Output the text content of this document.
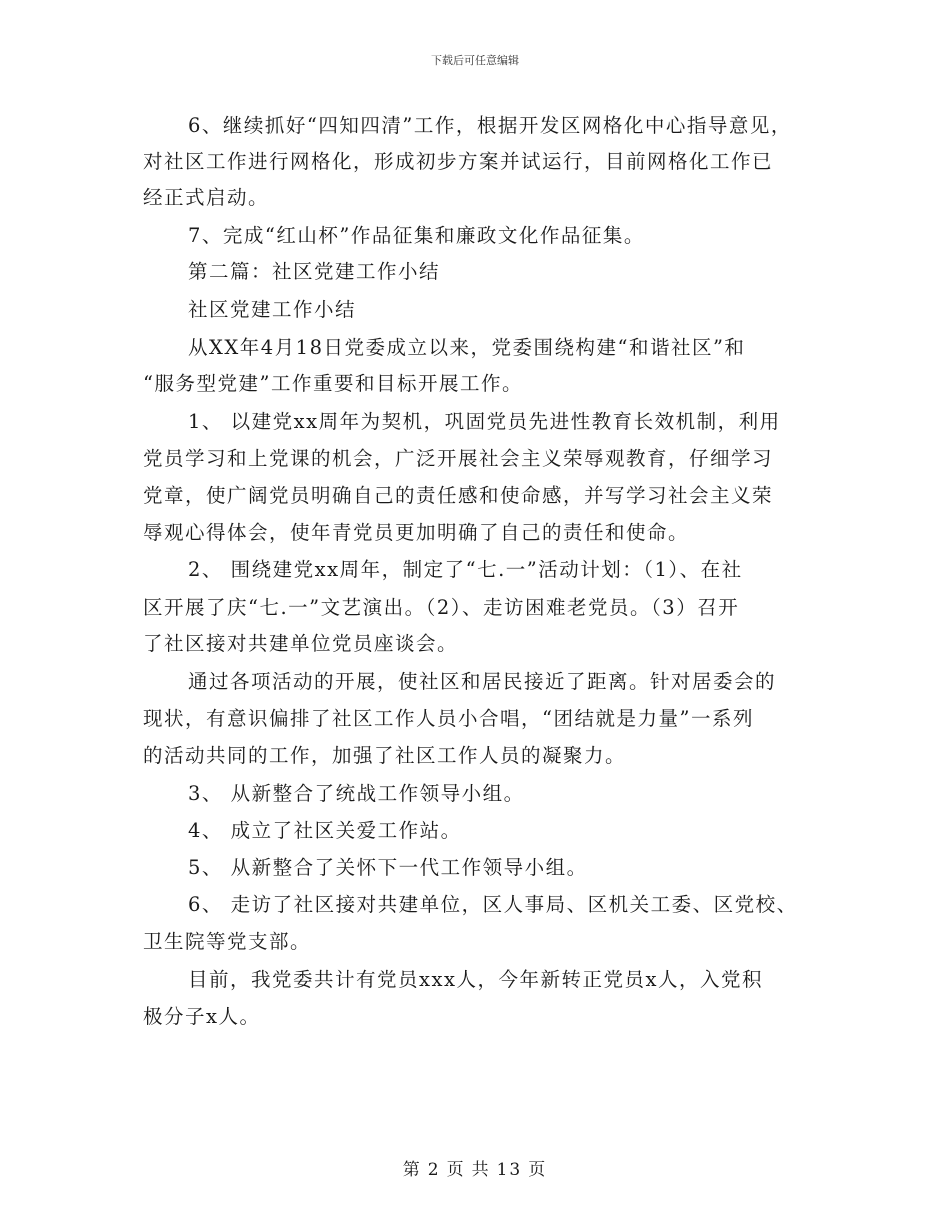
下载后可任意编辑
6、继续抓好“四知四清”工作，根据开发区网格化中心指导意见，
对社区工作进行网格化，形成初步方案并试运行，目前网格化工作已
经正式启动。
7、完成“红山杯”作品征集和廉政文化作品征集。
第二篇：社区党建工作小结
社区党建工作小结
从XX年4月18日党委成立以来，党委围绕构建“和谐社区”和
“服务型党建”工作重要和目标开展工作。
1、 以建党xx周年为契机，巩固党员先进性教育长效机制，利用
党员学习和上党课的机会，广泛开展社会主义荣辱观教育，仔细学习
党章，使广阔党员明确自己的责任感和使命感，并写学习社会主义荣
辱观心得体会，使年青党员更加明确了自己的责任和使命。
2、 围绕建党xx周年，制定了“七.一”活动计划：（1）、在社
区开展了庆“七.一”文艺演出。（2）、走访困难老党员。（3）召开
了社区接对共建单位党员座谈会。
通过各项活动的开展，使社区和居民接近了距离。针对居委会的
现状，有意识偏排了社区工作人员小合唱，“团结就是力量”一系列
的活动共同的工作，加强了社区工作人员的凝聚力。
3、 从新整合了统战工作领导小组。
4、 成立了社区关爱工作站。
5、 从新整合了关怀下一代工作领导小组。
6、 走访了社区接对共建单位，区人事局、区机关工委、区党校、
卫生院等党支部。
目前，我党委共计有党员xxx人，今年新转正党员x人，入党积
极分子x人。
第 2 页 共 13 页
